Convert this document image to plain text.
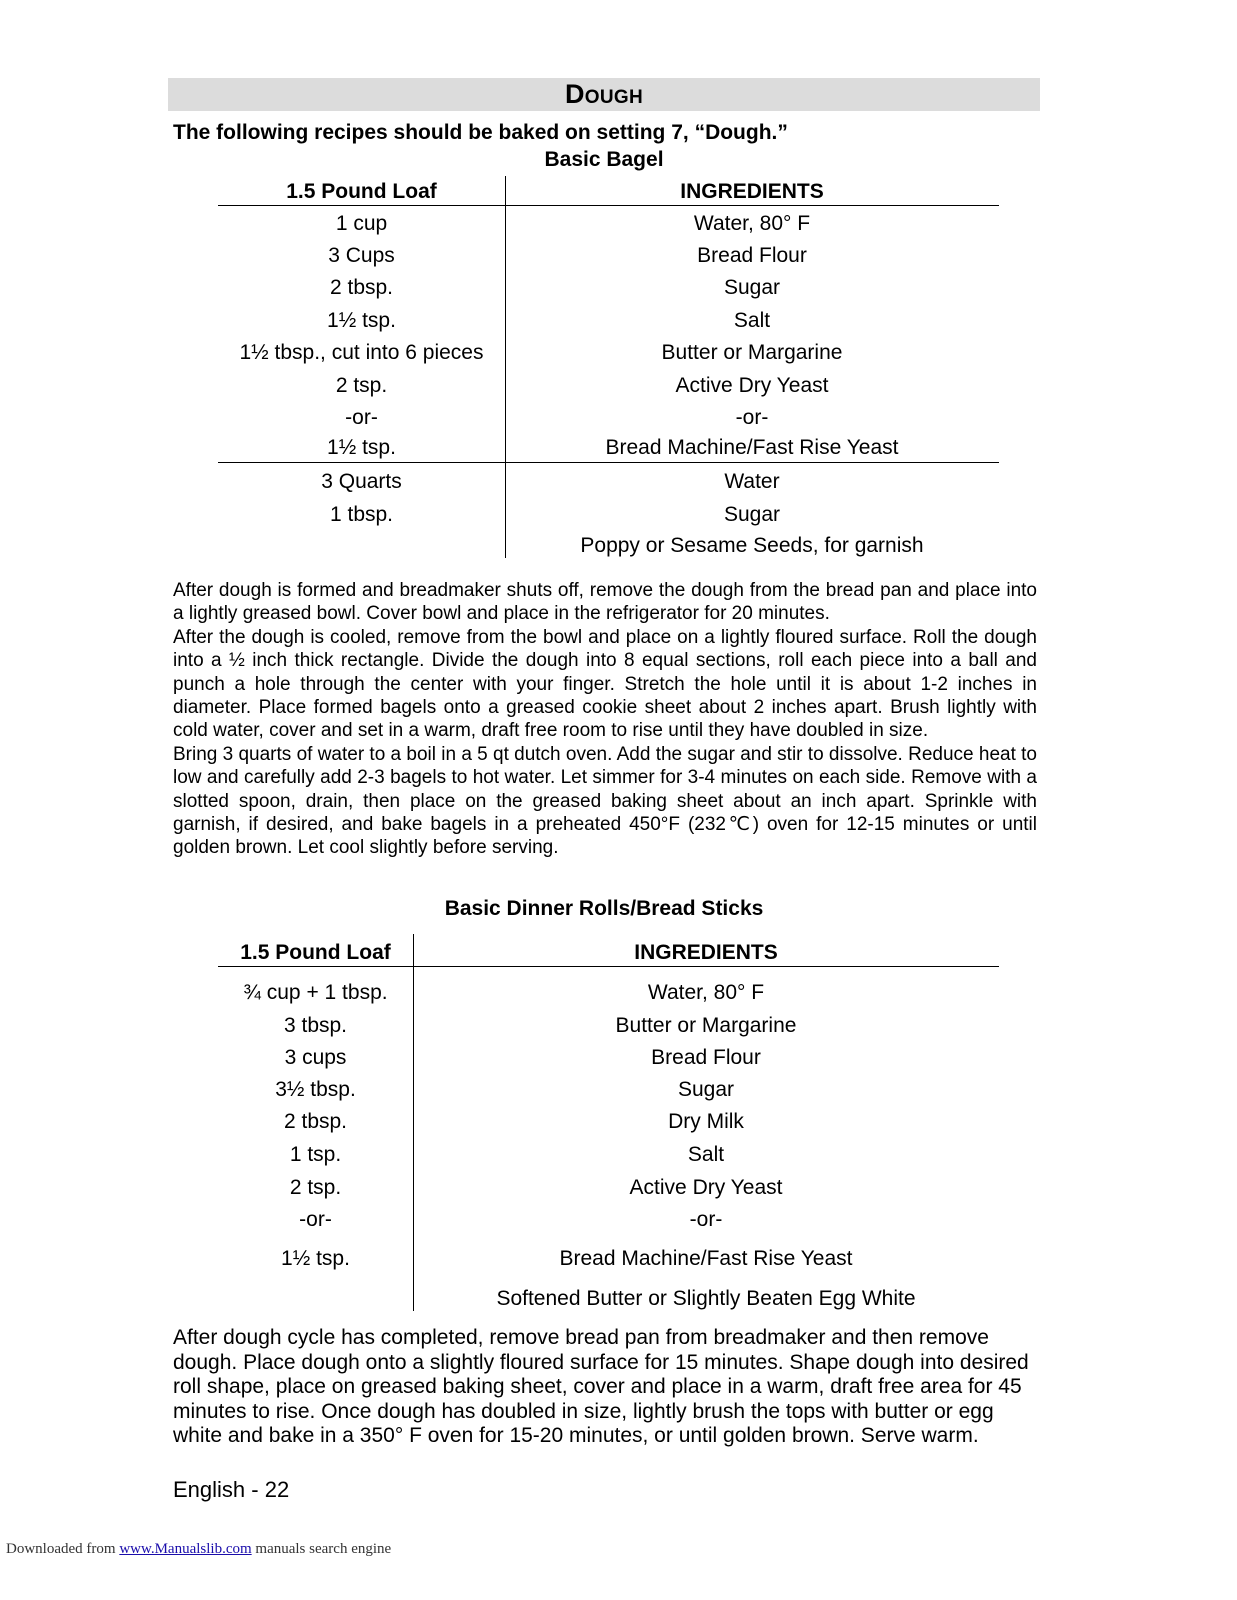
Dough
The following recipes should be baked on setting 7, “Dough.”
Basic Bagel
1.5 Pound Loaf	INGREDIENTS
1 cup	Water, 80° F
3 Cups	Bread Flour
2 tbsp.	Sugar
1½ tsp.	Salt
1½ tbsp., cut into 6 pieces	Butter or Margarine
2 tsp.	Active Dry Yeast
-or-	-or-
1½ tsp.	Bread Machine/Fast Rise Yeast
3 Quarts	Water
1 tbsp.	Sugar
Poppy or Sesame Seeds, for garnish
After dough is formed and breadmaker shuts off, remove the dough from the bread pan and place into a lightly greased bowl. Cover bowl and place in the refrigerator for 20 minutes.
After the dough is cooled, remove from the bowl and place on a lightly floured surface. Roll the dough into a ½ inch thick rectangle. Divide the dough into 8 equal sections, roll each piece into a ball and punch a hole through the center with your finger. Stretch the hole until it is about 1-2 inches in diameter. Place formed bagels onto a greased cookie sheet about 2 inches apart. Brush lightly with cold water, cover and set in a warm, draft free room to rise until they have doubled in size.
Bring 3 quarts of water to a boil in a 5 qt dutch oven. Add the sugar and stir to dissolve. Reduce heat to low and carefully add 2-3 bagels to hot water. Let simmer for 3-4 minutes on each side. Remove with a slotted spoon, drain, then place on the greased baking sheet about an inch apart. Sprinkle with garnish, if desired, and bake bagels in a preheated 450°F (232℃) oven for 12-15 minutes or until golden brown. Let cool slightly before serving.
Basic Dinner Rolls/Bread Sticks
1.5 Pound Loaf	INGREDIENTS
¾ cup + 1 tbsp.	Water, 80° F
3 tbsp.	Butter or Margarine
3 cups	Bread Flour
3½ tbsp.	Sugar
2 tbsp.	Dry Milk
1 tsp.	Salt
2 tsp.	Active Dry Yeast
-or-	-or-
1½ tsp.	Bread Machine/Fast Rise Yeast
Softened Butter or Slightly Beaten Egg White
After dough cycle has completed, remove bread pan from breadmaker and then remove dough. Place dough onto a slightly floured surface for 15 minutes. Shape dough into desired roll shape, place on greased baking sheet, cover and place in a warm, draft free area for 45 minutes to rise. Once dough has doubled in size, lightly brush the tops with butter or egg white and bake in a 350° F oven for 15-20 minutes, or until golden brown. Serve warm.
English - 22
Downloaded from www.Manualslib.com manuals search engine
